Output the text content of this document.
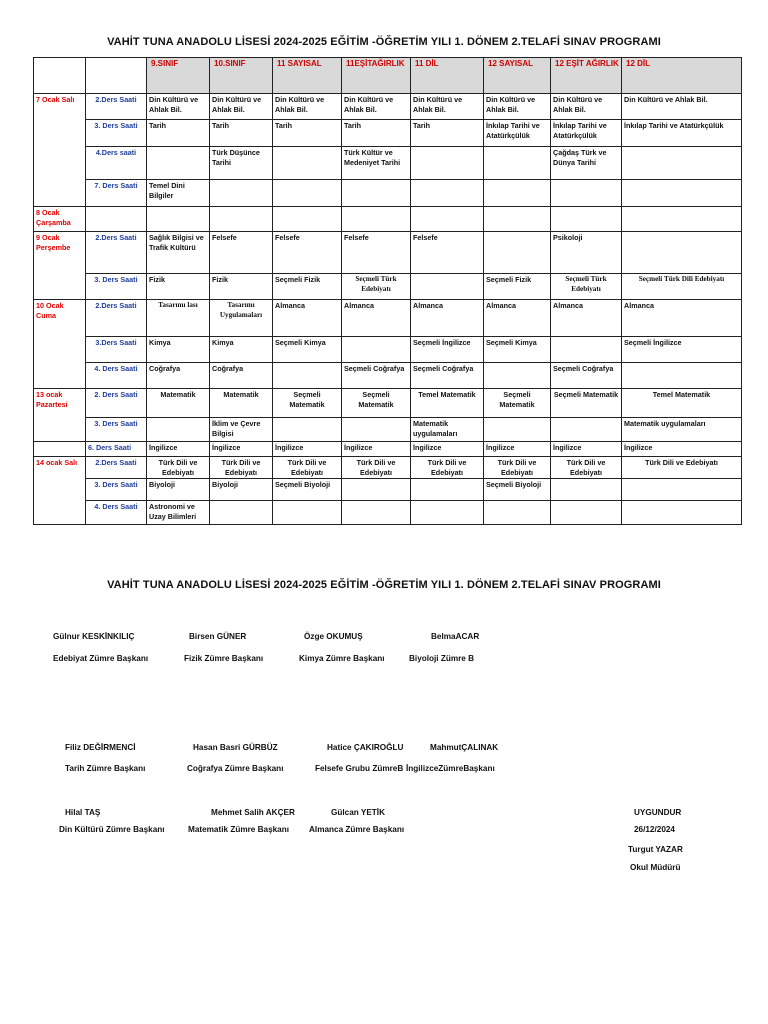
VAHİT TUNA ANADOLU LİSESİ 2024-2025 EĞİTİM -ÖĞRETİM YILI 1. DÖNEM 2.TELAFİ SINAV PROGRAMI
		9.SINIF	10.SINIF	11 SAYISAL	11EŞİTAĞIRLIK	11 DİL	12 SAYISAL	12 EŞİT AĞIRLIK	12 DİL
7 Ocak Salı	2.Ders Saati	Din Kültürü ve Ahlak Bil.	Din Kültürü ve Ahlak Bil.	Din Kültürü ve Ahlak Bil.	Din Kültürü ve Ahlak Bil.	Din Kültürü ve Ahlak Bil.	Din Kültürü ve Ahlak Bil.	Din Kültürü ve Ahlak Bil.	Din Kültürü ve Ahlak Bil.
	3. Ders Saati	Tarih	Tarih	Tarih	Tarih	Tarih	İnkılap Tarihi ve Atatürkçülük	İnkılap Tarihi ve Atatürkçülük	İnkılap Tarihi ve Atatürkçülük
	4.Ders saati		Türk Düşünce Tarihi		Türk Kültür ve Medeniyet Tarihi			Çağdaş Türk ve Dünya Tarihi	
	7. Ders Saati	Temel Dini Bilgiler							
8 Ocak Çarşamba									
9 Ocak Perşembe	2.Ders Saati	Sağlık Bilgisi ve Trafik Kültürü	Felsefe	Felsefe	Felsefe	Felsefe		Psikoloji	
	3. Ders Saati	Fizik	Fizik	Seçmeli Fizik	Seçmeli Türk Edebiyatı		Seçmeli Fizik	Seçmeli Türk Edebiyatı	Seçmeli Türk Dili Edebiyatı
10 Ocak Cuma	2.Ders Saati	Tasarımı lası	Tasarımı Uygulamaları	Almanca	Almanca	Almanca	Almanca	Almanca	Almanca
	3.Ders Saati	Kimya	Kimya	Seçmeli Kimya		Seçmeli İngilizce	Seçmeli Kimya		Seçmeli İngilizce
	4. Ders Saati	Coğrafya	Coğrafya		Seçmeli Coğrafya	Seçmeli Coğrafya		Seçmeli Coğrafya	
13 ocak Pazartesi	2. Ders Saati	Matematik	Matematik	Seçmeli Matematik	Seçmeli Matematik	Temel Matematik	Seçmeli Matematik	Seçmeli Matematik	Temel Matematik
	3. Ders Saati		İklim ve Çevre Bilgisi			Matematik uygulamaları			Matematik uygulamaları
	6. Ders Saati	İngilizce	İngilizce	İngilizce	İngilizce	İngilizce	İngilizce	İngilizce	İngilizce
14 ocak Salı	2.Ders Saati	Türk Dili ve Edebiyatı	Türk Dili ve Edebiyatı	Türk Dili ve Edebiyatı	Türk Dili ve Edebiyatı	Türk Dili ve Edebiyatı	Türk Dili ve Edebiyatı	Türk Dili ve Edebiyatı	Türk Dili ve Edebiyatı
	3. Ders Saati	Biyoloji	Biyoloji	Seçmeli Biyoloji			Seçmeli Biyoloji		
	4. Ders Saati	Astronomi ve Uzay Bilimleri							
VAHİT TUNA ANADOLU LİSESİ 2024-2025 EĞİTİM -ÖĞRETİM YILI 1. DÖNEM 2.TELAFİ SINAV PROGRAMI
Gülnur KESKİNKILIÇ
Edebiyat Zümre Başkanı
Birsen GÜNER
Fizik Zümre Başkanı
Özge OKUMUŞ
Kimya Zümre Başkanı
BelmaACAR
Biyoloji Zümre B
Filiz DEĞİRMENCİ
Tarih Zümre Başkanı
Hasan Basri GÜRBÜZ
Coğrafya Zümre Başkanı
Hatice ÇAKIROĞLU
Felsefe Grubu ZümreB
MahmutÇALINAK
İngilizceZümreBaşkanı
Hilal TAŞ
Din Kültürü Zümre Başkanı
Mehmet Salih AKÇER
Matematik Zümre Başkanı
Gülcan YETİK
Almanca Zümre Başkanı
UYGUNDUR
26/12/2024
Turgut YAZAR
Okul Müdürü
